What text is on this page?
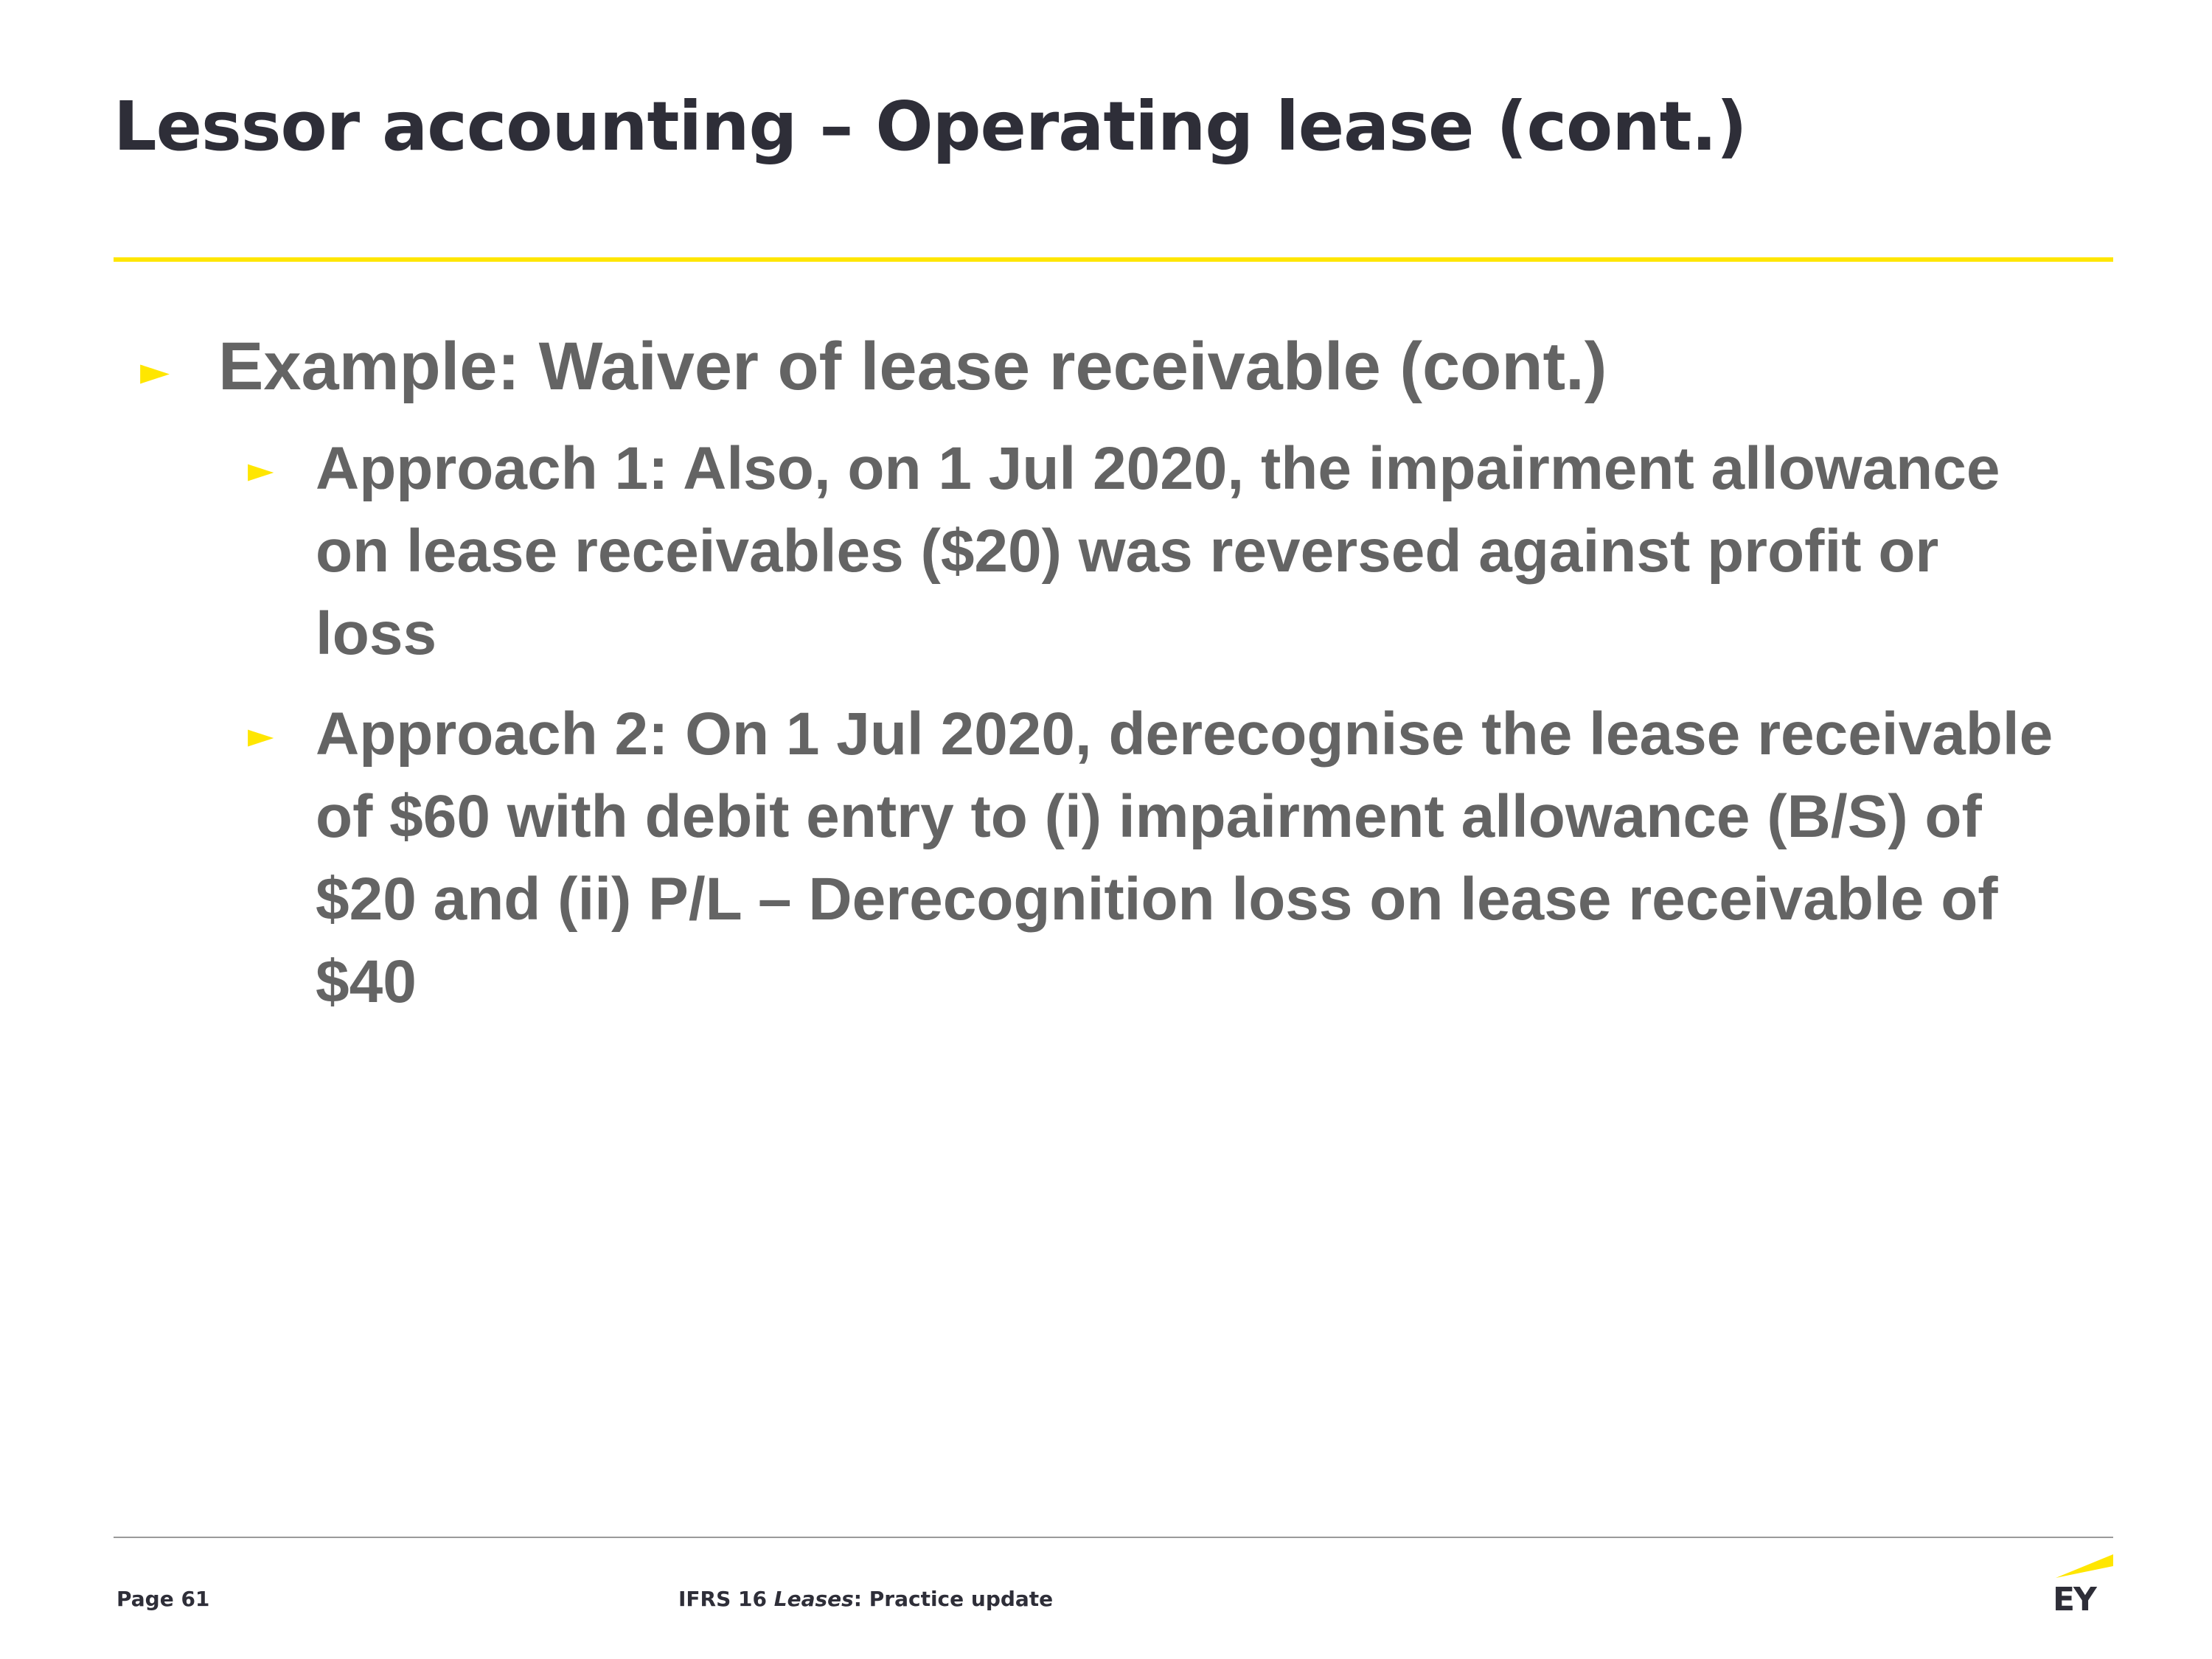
Lessor accounting – Operating lease (cont.)
► Example: Waiver of lease receivable (cont.)
► Approach 1: Also, on 1 Jul 2020, the impairment allowance on lease receivables ($20) was reversed against profit or loss
► Approach 2: On 1 Jul 2020, derecognise the lease receivable of $60 with debit entry to (i) impairment allowance (B/S) of $20 and (ii) P/L – Derecognition loss on lease receivable of $40
Page 61	IFRS 16 Leases: Practice update	EY
